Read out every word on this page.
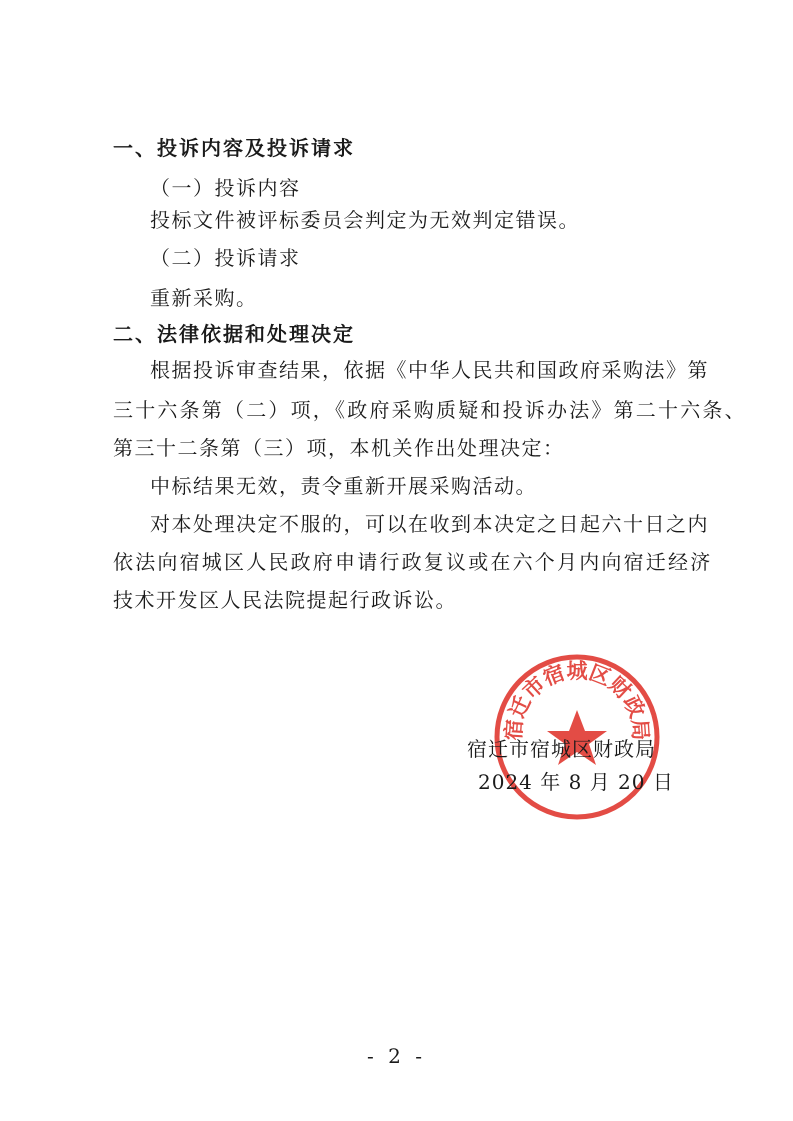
一、投诉内容及投诉请求
（一）投诉内容
投标文件被评标委员会判定为无效判定错误。
（二）投诉请求
重新采购。
二、法律依据和处理决定
根据投诉审查结果，依据《中华人民共和国政府采购法》第
三十六条第（二）项，《政府采购质疑和投诉办法》第二十六条、
第三十二条第（三）项，本机关作出处理决定：
中标结果无效，责令重新开展采购活动。
对本处理决定不服的，可以在收到本决定之日起六十日之内
依法向宿城区人民政府申请行政复议或在六个月内向宿迁经济
技术开发区人民法院提起行政诉讼。
宿迁市宿城区财政局
宿迁市宿城区财政局
2024 年 8 月 20 日
- 2 -
